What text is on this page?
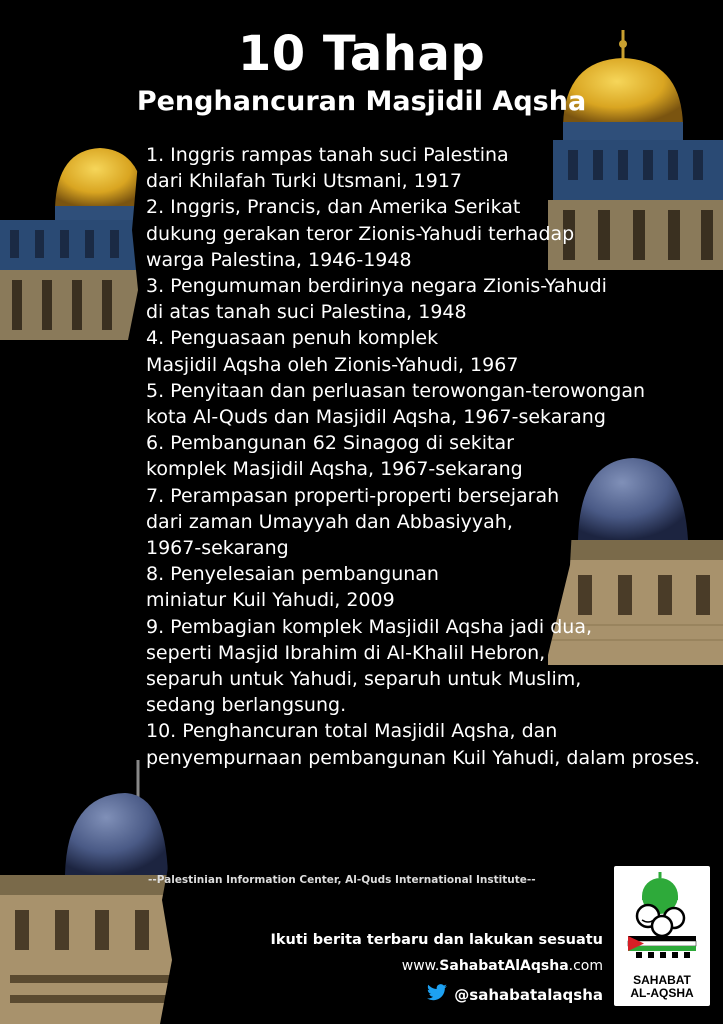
10 Tahap
Penghancuran Masjidil Aqsha
1. Inggris rampas tanah suci Palestina
dari Khilafah Turki Utsmani, 1917
2. Inggris, Prancis, dan Amerika Serikat
dukung gerakan teror Zionis-Yahudi terhadap
warga Palestina, 1946-1948
3. Pengumuman berdirinya negara Zionis-Yahudi
di atas tanah suci Palestina, 1948
4. Penguasaan penuh komplek
Masjidil Aqsha oleh Zionis-Yahudi, 1967
5. Penyitaan dan perluasan terowongan-terowongan
kota Al-Quds dan Masjidil Aqsha, 1967-sekarang
6. Pembangunan 62 Sinagog di sekitar
komplek Masjidil Aqsha, 1967-sekarang
7. Perampasan properti-properti bersejarah
dari zaman Umayyah dan Abbasiyyah,
1967-sekarang
8. Penyelesaian pembangunan
miniatur Kuil Yahudi, 2009
9. Pembagian komplek Masjidil Aqsha jadi dua,
seperti Masjid Ibrahim di Al-Khalil Hebron,
separuh untuk Yahudi, separuh untuk Muslim,
sedang berlangsung.
10. Penghancuran total Masjidil Aqsha, dan
penyempurnaan pembangunan Kuil Yahudi, dalam proses.
--Palestinian Information Center, Al-Quds International Institute--
Ikuti berita terbaru dan lakukan sesuatu
www.SahabatAlAqsha.com
@sahabatalaqsha
SAHABAT
AL-AQSHA
